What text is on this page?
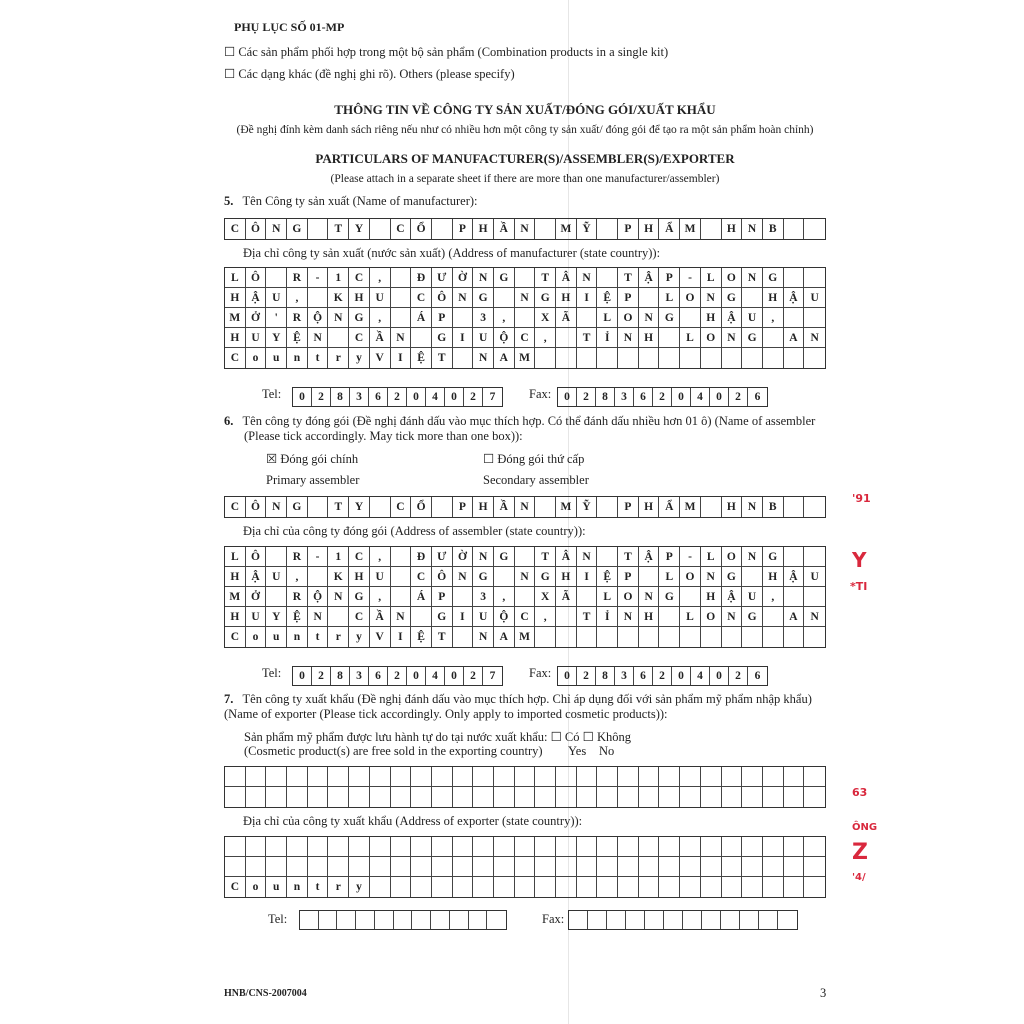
PHỤ LỤC SỐ 01-MP
☐ Các sản phẩm phối hợp trong một bộ sản phẩm (Combination products in a single kit)
☐ Các dạng khác (đề nghị ghi rõ). Others (please specify)
THÔNG TIN VỀ CÔNG TY SẢN XUẤT/ĐÓNG GÓI/XUẤT KHẨU
(Đề nghị đính kèm danh sách riêng nếu như có nhiều hơn một công ty sản xuất/ đóng gói để tạo ra một sản phẩm hoàn chỉnh)
PARTICULARS OF MANUFACTURER(S)/ASSEMBLER(S)/EXPORTER
(Please attach in a separate sheet if there are more than one manufacturer/assembler)
5. Tên Công ty sản xuất (Name of manufacturer):
C	Ô	N	G	T	Y	C	Ổ	P	H	Ầ	N	M Ỹ	P	H	Ẩ M	H	N	B
Địa chỉ công ty sản xuất (nước sản xuất) (Address of manufacturer (state country)):
L	Ô	R	-	1	C	,	Đ	Ư	Ờ	N	G	T	Â	N	T	Ậ	P	-	L	O	N	G
H	Ậ	U	,	K	H	U	C	Ô	N	G	N	G	H	I	Ệ	P	L	O	N	G	H	Ậ	U
M Ở	'	R	Ộ	N	G	,	Á	P	3	,	X	Ã	L	O	N	G	H	Ậ	U	,
H	U	Y	Ệ	N	C	Ầ	N	G	I	U	Ộ	C	,	T	Ỉ	N	H	L	O	N	G	A	N
C	o	u	n	t	r	y	V	I	Ệ	T	N	A M
Tel:	0	2	8	3	6	2	0	4	0	2	7	Fax:	0	2	8	3	6	2	0	4	0	2	6
6. Tên công ty đóng gói (Đề nghị đánh dấu vào mục thích hợp. Có thể đánh dấu nhiều hơn 01 ô) (Name of assembler
(Please tick accordingly. May tick more than one box)):
☒ Đóng gói chính
Primary assembler
☐ Đóng gói thứ cấp
Secondary assembler
C	Ô	N	G	T	Y	C	Ổ	P	H	Ầ	N	M Ỹ	P	H	Ẩ M	H	N	B
Địa chỉ của công ty đóng gói (Address of assembler (state country)):
L	Ô	R	-	1	C	,	Đ	Ư	Ờ	N	G	T	Â	N	T	Ậ	P	-	L	O	N	G
H	Ậ	U	,	K	H	U	C	Ô	N	G	N	G	H	I	Ệ	P	L	O	N	G	H	Ậ	U
M Ở	R	Ộ	N	G	,	Á	P	3	,	X	Ã	L	O	N	G	H	Ậ	U	,
H	U	Y	Ệ	N	C	Ầ	N	G	I	U	Ộ	C	,	T	Ỉ	N	H	L	O	N	G	A	N
C	o	u	n	t	r	y	V	I	Ệ	T	N	A M
Tel:	0	2	8	3	6	2	0	4	0	2	7	Fax:	0	2	8	3	6	2	0	4	0	2	6
7. Tên công ty xuất khẩu (Đề nghị đánh dấu vào mục thích hợp. Chỉ áp dụng đối với sản phẩm mỹ phẩm nhập khẩu)
(Name of exporter (Please tick accordingly. Only apply to imported cosmetic products)):
Sản phẩm mỹ phẩm được lưu hành tự do tại nước xuất khẩu: ☐ Có ☐ Không
(Cosmetic product(s) are free sold in the exporting country) Yes No
Địa chỉ của công ty xuất khẩu (Address of exporter (state country)):
C	o	u	n	t	r	y
Tel:	Fax:
HNB/CNS-2007004	3
'91
Y
*TI
63
ÔNG
Z
'4/
